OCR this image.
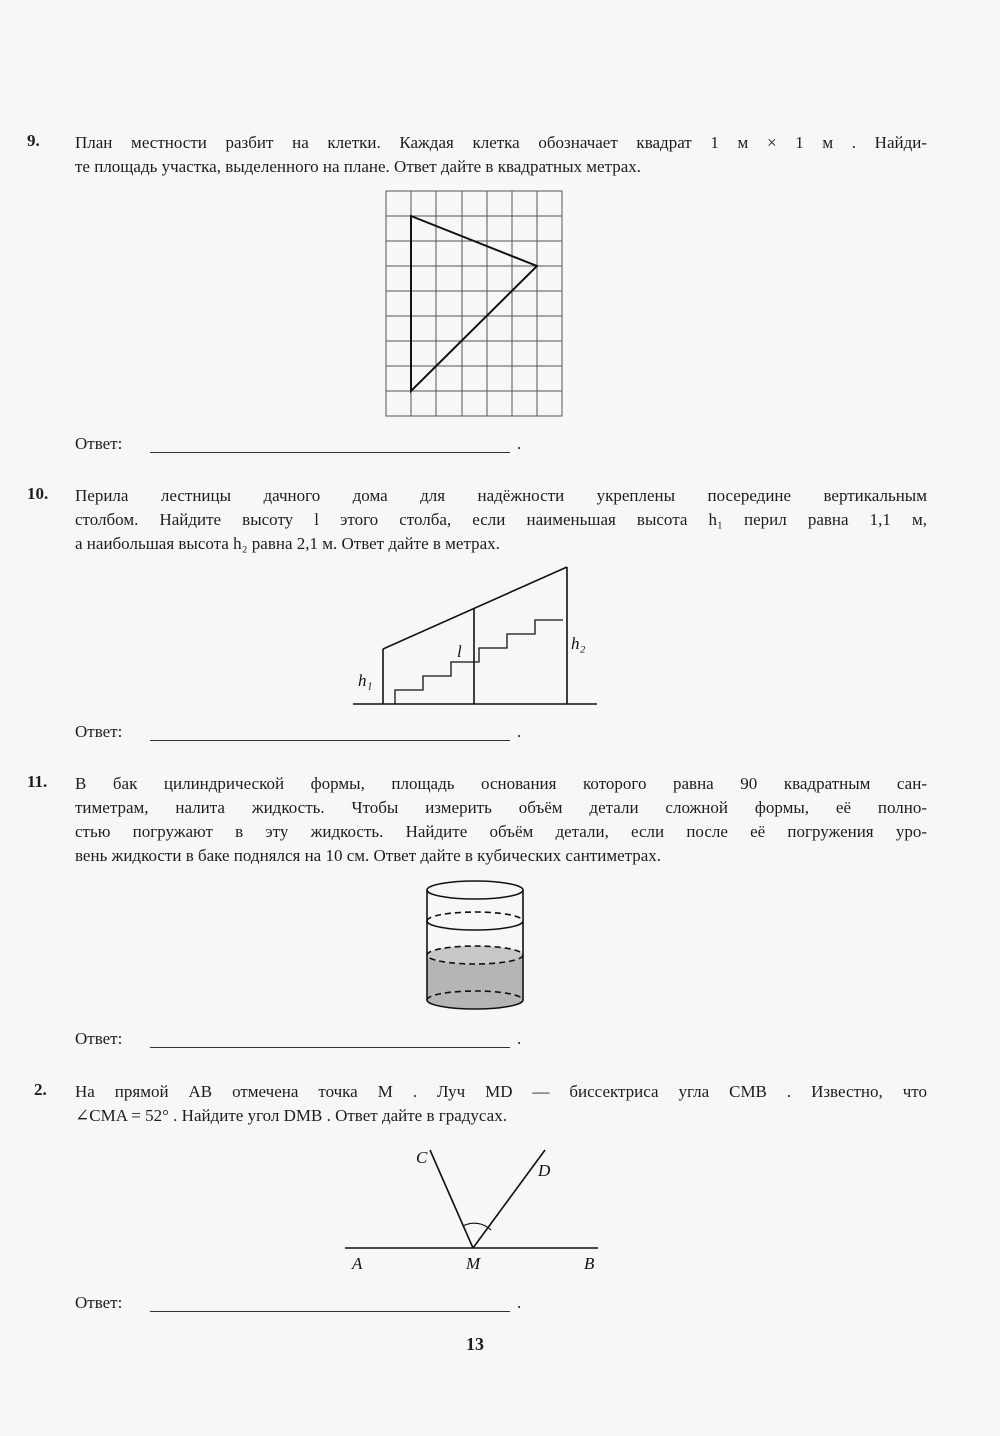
9. План местности разбит на клетки. Каждая клетка обозначает квадрат 1 м × 1 м . Найди-
те площадь участка, выделенного на плане. Ответ дайте в квадратных метрах.
Ответ:	.
10. Перила лестницы дачного дома для надёжности укреплены посередине вертикальным
столбом. Найдите высоту l этого столба, если наименьшая высота h₁ перил равна 1,1 м,
а наибольшая высота h₂ равна 2,1 м. Ответ дайте в метрах.
l	h₂
h₁
Ответ:	.
11. В бак цилиндрической формы, площадь основания которого равна 90 квадратным сан-
тиметрам, налита жидкость. Чтобы измерить объём детали сложной формы, её полно-
стью погружают в эту жидкость. Найдите объём детали, если после её погружения уро-
вень жидкости в баке поднялся на 10 см. Ответ дайте в кубических сантиметрах.
Ответ:	.
2. На прямой AB отмечена точка M . Луч MD — биссектриса угла CMB . Известно, что
∠CMA = 52° . Найдите угол DMB . Ответ дайте в градусах.
C
D
A	M	B
Ответ:	.
13
